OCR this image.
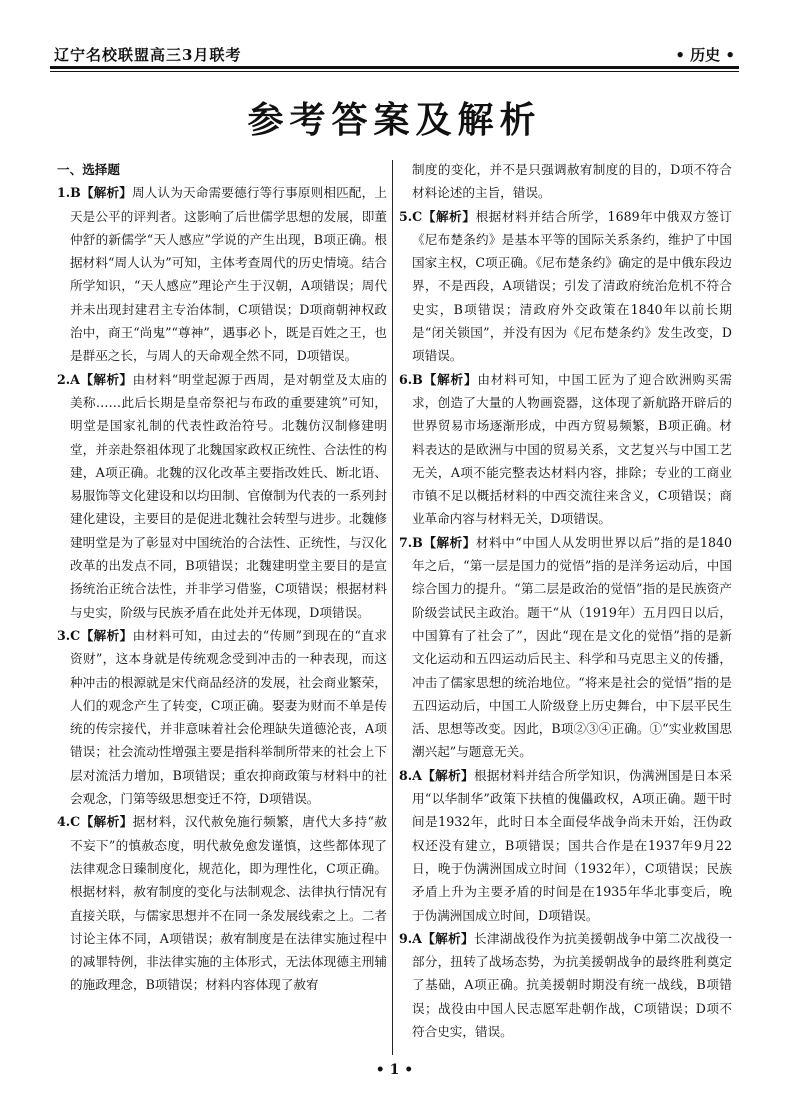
辽宁名校联盟高三3月联考	• 历史 •
参考答案及解析

一、选择题

1.B【解析】周人认为天命需要德行等行事原则相匹配，上天是公平的评判者。这影响了后世儒学思想的发展，即董仲舒的新儒学“天人感应”学说的产生出现，B项正确。根据材料“周人认为”可知，主体考查周代的历史情境。结合所学知识，“天人感应”理论产生于汉朝，A项错误；周代并未出现封建君主专治体制，C项错误；D项商朝神权政治中，商王“尚鬼”“尊神”，遇事必卜，既是百姓之王，也是群巫之长，与周人的天命观全然不同，D项错误。

2.A【解析】由材料“明堂起源于西周，是对朝堂及太庙的美称……此后长期是皇帝祭祀与布政的重要建筑”可知，明堂是国家礼制的代表性政治符号。北魏仿汉制修建明堂，并亲赴祭祖体现了北魏国家政权正统性、合法性的构建，A项正确。北魏的汉化改革主要指改姓氏、断北语、易服饰等文化建设和以均田制、官僚制为代表的一系列封建化建设，主要目的是促进北魏社会转型与进步。北魏修建明堂是为了彰显对中国统治的合法性、正统性，与汉化改革的出发点不同，B项错误；北魏建明堂主要目的是宣扬统治正统合法性，并非学习借鉴，C项错误；根据材料与史实，阶级与民族矛盾在此处并无体现，D项错误。

3.C【解析】由材料可知，由过去的“传厕”到现在的“直求资财”，这本身就是传统观念受到冲击的一种表现，而这种冲击的根源就是宋代商品经济的发展，社会商业繁荣，人们的观念产生了转变，C项正确。娶妻为财而不单是传统的传宗接代，并非意味着社会伦理缺失道德沦丧，A项错误；社会流动性增强主要是指科举制所带来的社会上下层对流活力增加，B项错误；重农抑商政策与材料中的社会观念，门第等级思想变迁不符，D项错误。

4.C【解析】据材料，汉代赦免施行频繁，唐代大多持“赦不妄下”的慎赦态度，明代赦免愈发谨慎，这些都体现了法律观念日臻制度化，规范化，即为理性化，C项正确。根据材料，赦宥制度的变化与法制观念、法律执行情况有直接关联，与儒家思想并不在同一条发展线索之上。二者讨论主体不同，A项错误；赦宥制度是在法律实施过程中的减罪特例，非法律实施的主体形式，无法体现德主刑辅的施政理念，B项错误；材料内容体现了赦宥

制度的变化，并不是只强调赦宥制度的目的，D项不符合材料论述的主旨，错误。

5.C【解析】根据材料并结合所学，1689年中俄双方签订《尼布楚条约》是基本平等的国际关系条约，维护了中国国家主权，C项正确。《尼布楚条约》确定的是中俄东段边界，不是西段，A项错误；引发了清政府统治危机不符合史实，B项错误；清政府外交政策在1840年以前长期是“闭关锁国”，并没有因为《尼布楚条约》发生改变，D项错误。

6.B【解析】由材料可知，中国工匠为了迎合欧洲购买需求，创造了大量的人物画瓷器，这体现了新航路开辟后的世界贸易市场逐渐形成，中西方贸易频繁，B项正确。材料表达的是欧洲与中国的贸易关系，文艺复兴与中国工艺无关，A项不能完整表达材料内容，排除；专业的工商业市镇不足以概括材料的中西交流往来含义，C项错误；商业革命内容与材料无关，D项错误。

7.B【解析】材料中“中国人从发明世界以后”指的是1840年之后，“第一层是国力的觉悟”指的是洋务运动后，中国综合国力的提升。“第二层是政治的觉悟”指的是民族资产阶级尝试民主政治。题干“从（1919年）五月四日以后，中国算有了社会了”，因此“现在是文化的觉悟”指的是新文化运动和五四运动后民主、科学和马克思主义的传播，冲击了儒家思想的统治地位。“将来是社会的觉悟”指的是五四运动后，中国工人阶级登上历史舞台，中下层平民生活、思想等改变。因此，B项②③④正确。①“实业救国思潮兴起”与题意无关。

8.A【解析】根据材料并结合所学知识，伪满洲国是日本采用“以华制华”政策下扶植的傀儡政权，A项正确。题干时间是1932年，此时日本全面侵华战争尚未开始，汪伪政权还没有建立，B项错误；国共合作是在1937年9月22日，晚于伪满洲国成立时间（1932年），C项错误；民族矛盾上升为主要矛盾的时间是在1935年华北事变后，晚于伪满洲国成立时间，D项错误。

9.A【解析】长津湖战役作为抗美援朝战争中第二次战役一部分，扭转了战场态势，为抗美援朝战争的最终胜利奠定了基础，A项正确。抗美援朝时期没有统一战线，B项错误；战役由中国人民志愿军赴朝作战，C项错误；D项不符合史实，错误。

• 1 •
